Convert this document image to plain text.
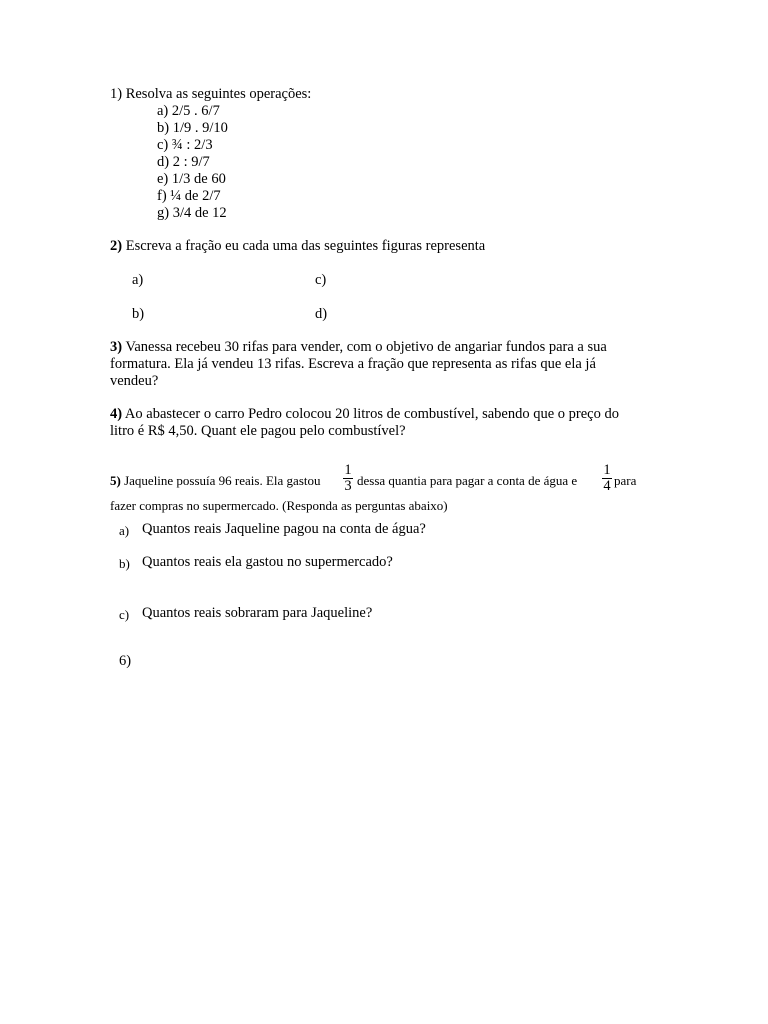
1) Resolva as seguintes operações:

a) 2/5 . 6/7

b) 1/9 . 9/10

c) ¾ : 2/3

d) 2 : 9/7

e) 1/3 de 60

f) ¼ de 2/7

g) 3/4 de 12

2) Escreva a fração eu cada uma das seguintes figuras representa

a)	c)

b)	d)

3) Vanessa recebeu 30 rifas para vender, com o objetivo de angariar fundos para a sua

formatura. Ela já vendeu 13 rifas. Escreva a fração que representa as rifas que ela já

vendeu?

4) Ao abastecer o carro Pedro colocou 20 litros de combustível, sabendo que o preço do

litro é R$ 4,50. Quant ele pagou pelo combustível?

5) Jaqueline possuía 96 reais. Ela gastou

1
3 dessa quantia para pagar a conta de água e

1
4 para

fazer compras no supermercado. (Responda as perguntas abaixo)

a) Quantos reais Jaqueline pagou na conta de água?

b) Quantos reais ela gastou no supermercado?

c) Quantos reais sobraram para Jaqueline?

6)
